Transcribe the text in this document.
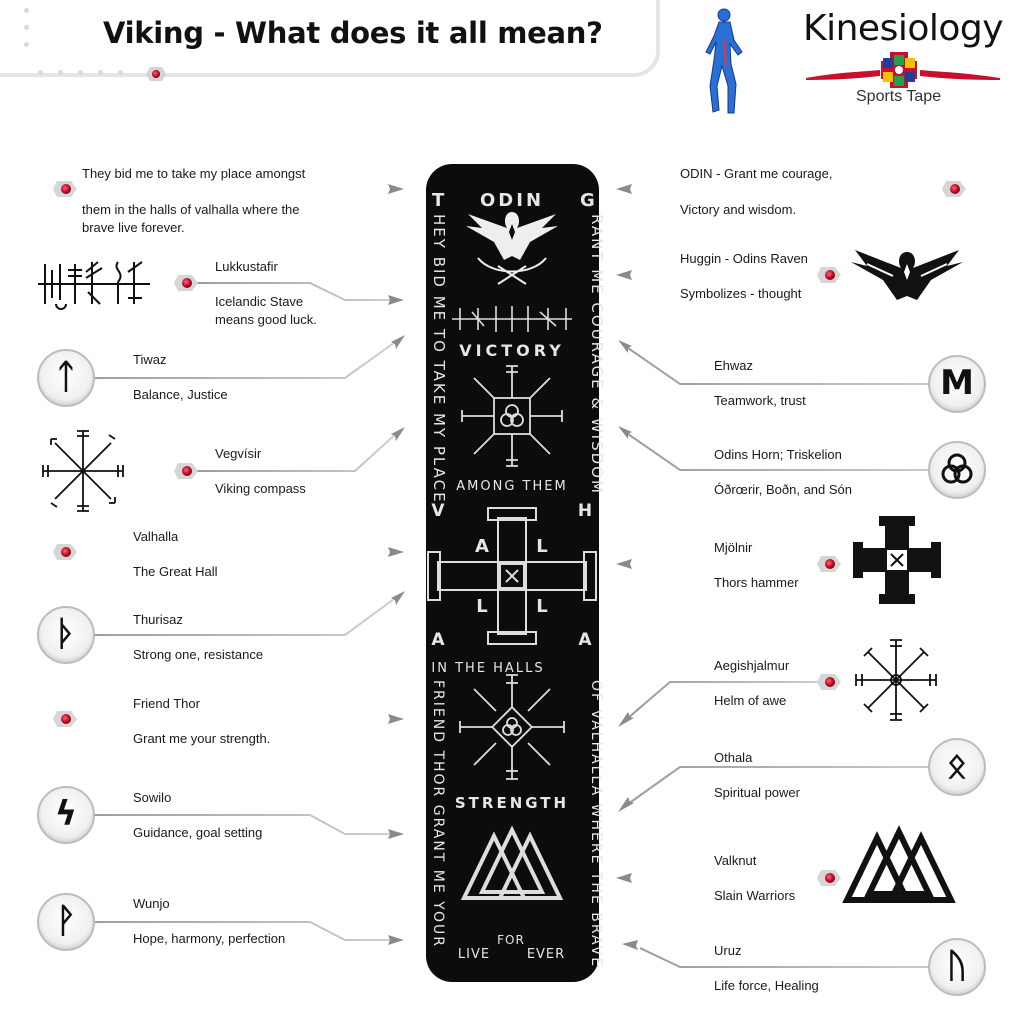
Viking - What does it all mean?	Kinesiology
Sports Tape
T ODIN G
VICTORY
AMONG THEM
STRENGTH
IN THE HALLS
LIVE
FOR
EVER
V	H
A	A
A	L
L	L
HEY BID ME TO TAKE MY PLACE	RANT ME COURAGE & WISDOM
FRIEND THOR GRANT ME YOUR	OF VALHALLA WHERE THE BRAVE
ᛏ
ᚦ
ϟ
ᚹ
M
ᛟ
ᚢ
They bid me to take my place amongst
them in the halls of valhalla where the brave live forever.
Lukkustafir
Icelandic Stave means good luck.
Tiwaz
Balance, Justice
Vegvísir
Viking compass
Valhalla
The Great Hall
Thurisaz
Strong one, resistance
Friend Thor
Grant me your strength.
Sowilo
Guidance, goal setting
Wunjo
Hope, harmony, perfection
ODIN - Grant me courage,
Victory and wisdom.
Huggin - Odins Raven
Symbolizes - thought
Ehwaz
Teamwork, trust
Odins Horn; Triskelion
Óðrœrir, Boðn, and Són
Mjölnir
Thors hammer
Aegishjalmur
Helm of awe
Othala
Spiritual power
Valknut
Slain Warriors
Uruz
Life force, Healing
